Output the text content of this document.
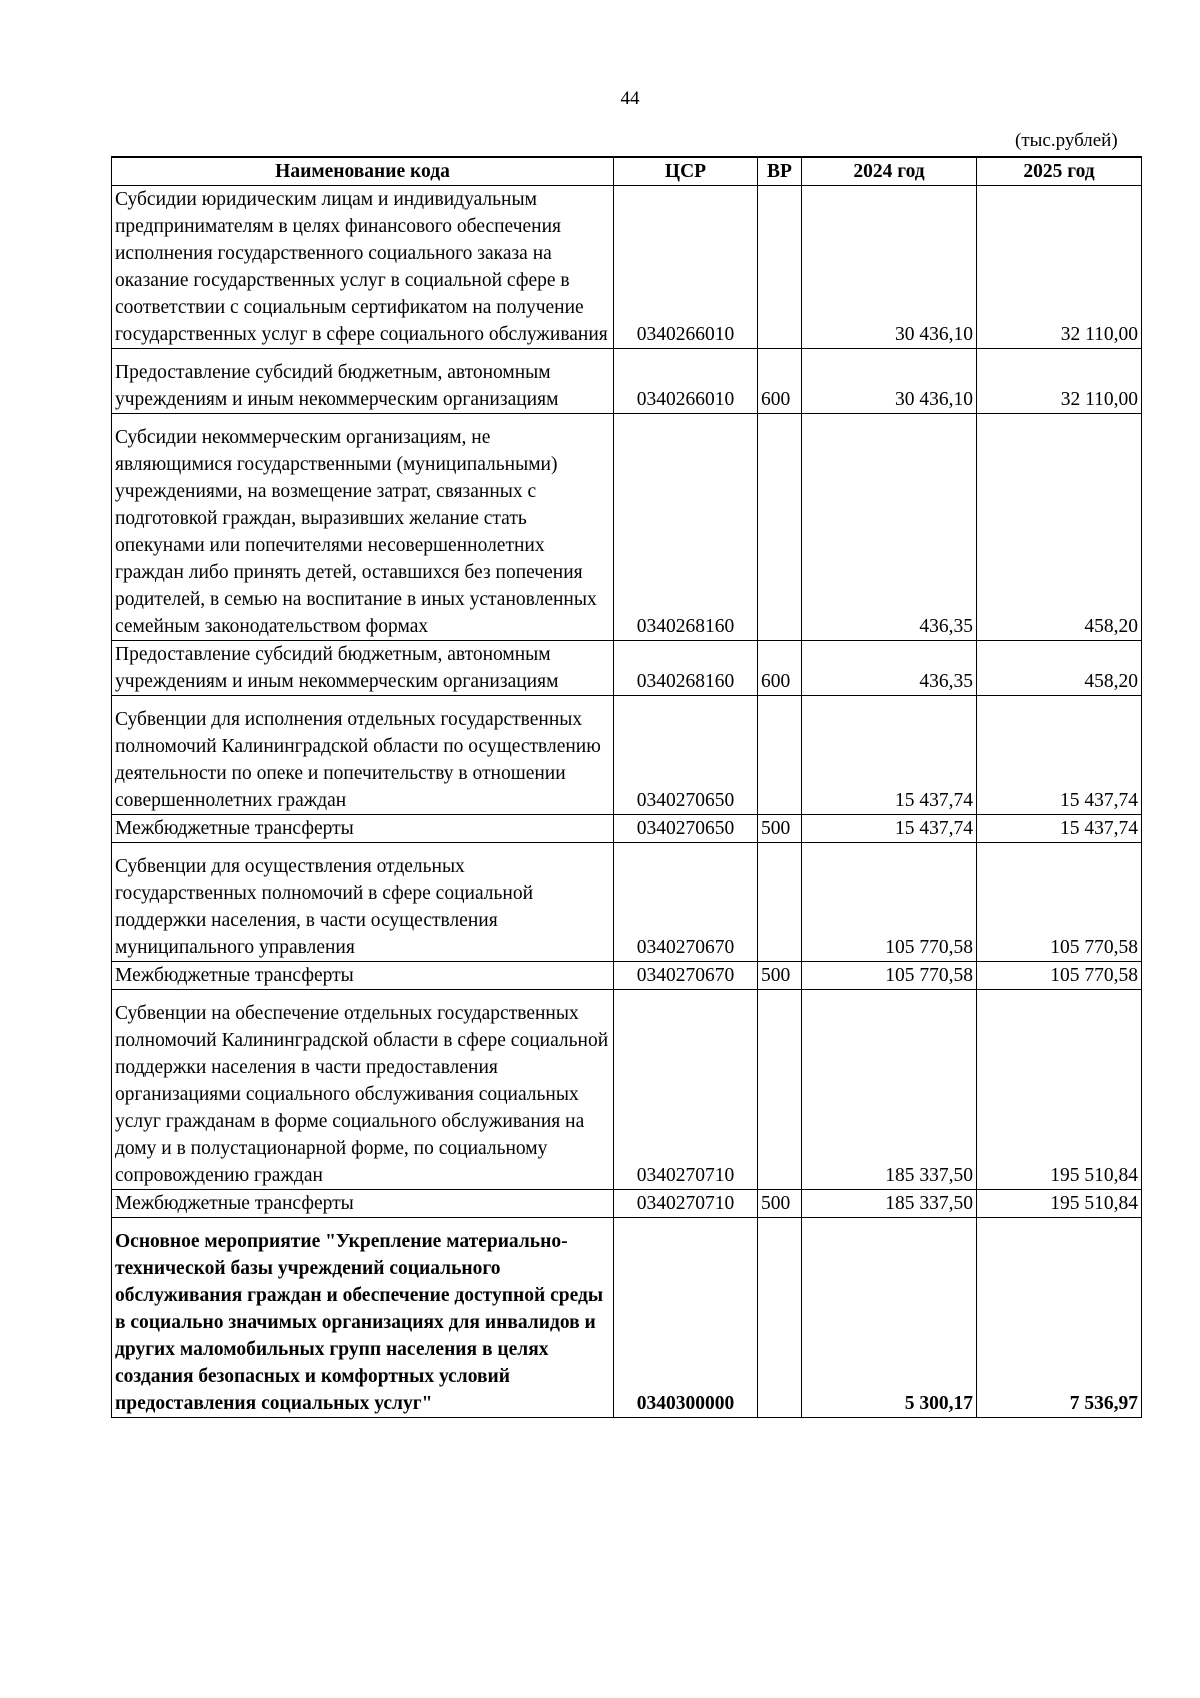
44
(тыс.рублей)
Наименование кода	ЦСР	ВР	2024 год	2025 год
Субсидии юридическим лицам и индивидуальным предпринимателям в целях финансового обеспечения исполнения государственного социального заказа на оказание государственных услуг в социальной сфере в соответствии с социальным сертификатом на получение государственных услуг в сфере социального обслуживания	0340266010		30 436,10	32 110,00
Предоставление субсидий бюджетным, автономным учреждениям и иным некоммерческим организациям	0340266010	600	30 436,10	32 110,00
Субсидии некоммерческим организациям, не являющимися государственными (муниципальными) учреждениями, на возмещение затрат, связанных с подготовкой граждан, выразивших желание стать опекунами или попечителями несовершеннолетних граждан либо принять детей, оставшихся без попечения родителей, в семью на воспитание в иных установленных семейным законодательством формах	0340268160		436,35	458,20
Предоставление субсидий бюджетным, автономным учреждениям и иным некоммерческим организациям	0340268160	600	436,35	458,20
Субвенции для исполнения отдельных государственных полномочий Калининградской области по осуществлению деятельности по опеке и попечительству в отношении совершеннолетних граждан	0340270650		15 437,74	15 437,74
Межбюджетные трансферты	0340270650	500	15 437,74	15 437,74
Субвенции для осуществления отдельных государственных полномочий в сфере социальной поддержки населения, в части осуществления муниципального управления	0340270670		105 770,58	105 770,58
Межбюджетные трансферты	0340270670	500	105 770,58	105 770,58
Субвенции на обеспечение отдельных государственных полномочий Калининградской области в сфере социальной поддержки населения в части предоставления организациями социального обслуживания социальных услуг гражданам в форме социального обслуживания на дому и в полустационарной форме, по социальному сопровождению граждан	0340270710		185 337,50	195 510,84
Межбюджетные трансферты	0340270710	500	185 337,50	195 510,84
Основное мероприятие "Укрепление материально-технической базы учреждений социального обслуживания граждан и обеспечение доступной среды в социально значимых организациях для инвалидов и других маломобильных групп населения в целях создания безопасных и комфортных условий предоставления социальных услуг"	0340300000		5 300,17	7 536,97
